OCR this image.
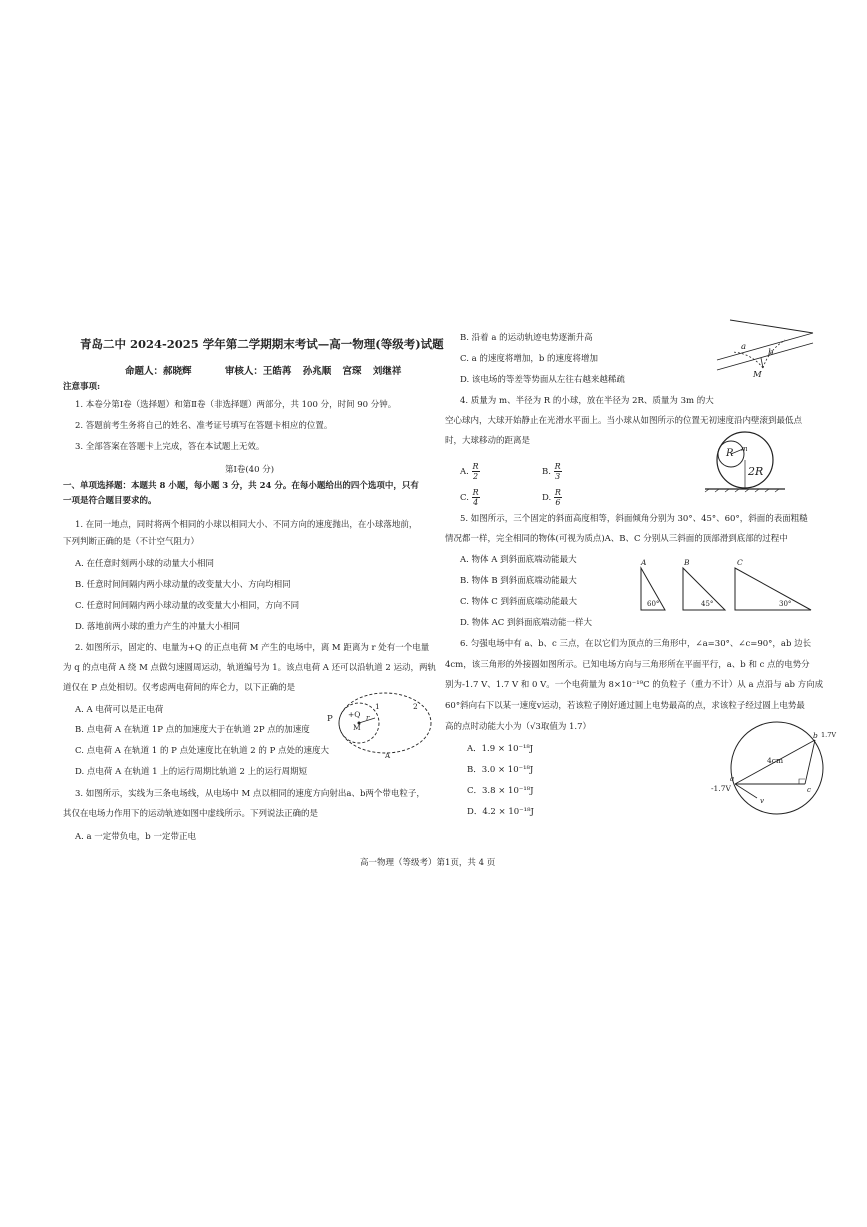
青岛二中 2024-2025 学年第二学期期末考试—高一物理(等级考)试题
命题人：郝晓辉	审核人：王皓苒 孙兆顺 宫琛 刘继祥
注意事项:
1. 本卷分第Ⅰ卷（选择题）和第Ⅱ卷（非选择题）两部分，共 100 分，时间 90 分钟。
2. 答题前考生务将自己的姓名、准考证号填写在答题卡相应的位置。
3. 全部答案在答题卡上完成，答在本试题上无效。
第Ⅰ卷(40 分)
一、单项选择题：本题共 8 小题，每小题 3 分，共 24 分。在每小题给出的四个选项中，只有
一项是符合题目要求的。
1. 在同一地点，同时将两个相同的小球以相同大小、不同方向的速度抛出，在小球落地前，
下列判断正确的是（不计空气阻力）
A. 在任意时刻两小球的动量大小相同
B. 任意时间间隔内两小球动量的改变量大小、方向均相同
C. 任意时间间隔内两小球动量的改变量大小相同，方向不同
D. 落地前两小球的重力产生的冲量大小相同
2. 如图所示，固定的、电量为+Q 的正点电荷 M 产生的电场中，离 M 距离为 r 处有一个电量
为 q 的点电荷 A 绕 M 点做匀速圆周运动，轨道编号为 1。该点电荷 A 还可以沿轨道 2 运动，两轨
道仅在 P 点处相切。仅考虑两电荷间的库仑力，以下正确的是
A. A 电荷可以是正电荷
B. 点电荷 A 在轨道 1P 点的加速度大于在轨道 2P 点的加速度
C. 点电荷 A 在轨道 1 的 P 点处速度比在轨道 2 的 P 点处的速度大
D. 点电荷 A 在轨道 1 上的运行周期比轨道 2 上的运行周期短
P +Q
M
r
1	2
A
3. 如图所示，实线为三条电场线，从电场中 M 点以相同的速度方向射出a、b两个带电粒子，
其仅在电场力作用下的运动轨迹如图中虚线所示。下列说法正确的是
A. a 一定带负电，b 一定带正电
B. 沿着 a 的运动轨迹电势逐渐升高
C. a 的速度将增加，b 的速度将增加
D. 该电场的等差等势面从左往右越来越稀疏
a
b
M
4. 质量为 m、半径为 R 的小球，放在半径为 2R、质量为 3m 的大
空心球内，大球开始静止在光滑水平面上。当小球从如图所示的位置无初速度沿内壁滚到最低点
时，大球移动的距离是
A. $\frac{R}{2}$	B. $\frac{R}{3}$
C. $\frac{R}{4}$	D. $\frac{R}{6}$
R m
2R
5. 如图所示，三个固定的斜面高度相等，斜面倾角分别为 30°、45°、60°，斜面的表面粗糙
情况都一样，完全相同的物体(可视为质点)A、B、C 分别从三斜面的顶部滑到底部的过程中
A. 物体 A 到斜面底端动能最大
B. 物体 B 到斜面底端动能最大
C. 物体 C 到斜面底端动能最大
D. 物体 AC 到斜面底端动能一样大
A	B	C
60°	45°	30°
6. 匀强电场中有 a、b、c 三点，在以它们为顶点的三角形中，∠a=30°、∠c=90°，ab 边长
4cm，该三角形的外接圆如图所示。已知电场方向与三角形所在平面平行，a、b 和 c 点的电势分
别为-1.7 V、1.7 V 和 0 V。一个电荷量为 8×10⁻¹⁹C 的负粒子（重力不计）从 a 点沿与 ab 方向成
60°斜向右下以某一速度v运动，若该粒子刚好通过圆上电势最高的点，求该粒子经过圆上电势最
高的点时动能大小为（√3取值为 1.7）
A．1.9 × 10⁻¹⁸J
B．3.0 × 10⁻¹⁸J
C．3.8 × 10⁻¹⁸J
D．4.2 × 10⁻¹⁸J
b 1.7V
a
-1.7V	c
4cm
v
高一物理（等级考）第1页，共 4 页
